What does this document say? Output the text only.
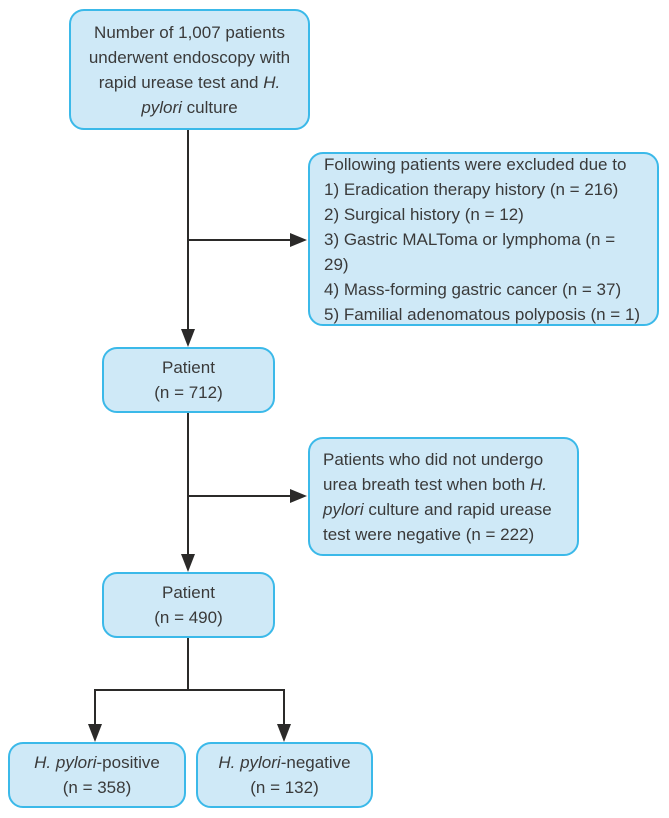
Number of 1,007 patients underwent endoscopy with rapid urease test and H. pylori culture
Following patients were excluded due to
1) Eradication therapy history (n = 216)
2) Surgical history (n = 12)
3) Gastric MALToma or lymphoma (n = 29)
4) Mass-forming gastric cancer (n = 37)
5) Familial adenomatous polyposis (n = 1)
Patient
(n = 712)
Patients who did not undergo urea breath test when both H. pylori culture and rapid urease test were negative (n = 222)
Patient
(n = 490)
H. pylori-positive
(n = 358)
H. pylori-negative
(n = 132)
